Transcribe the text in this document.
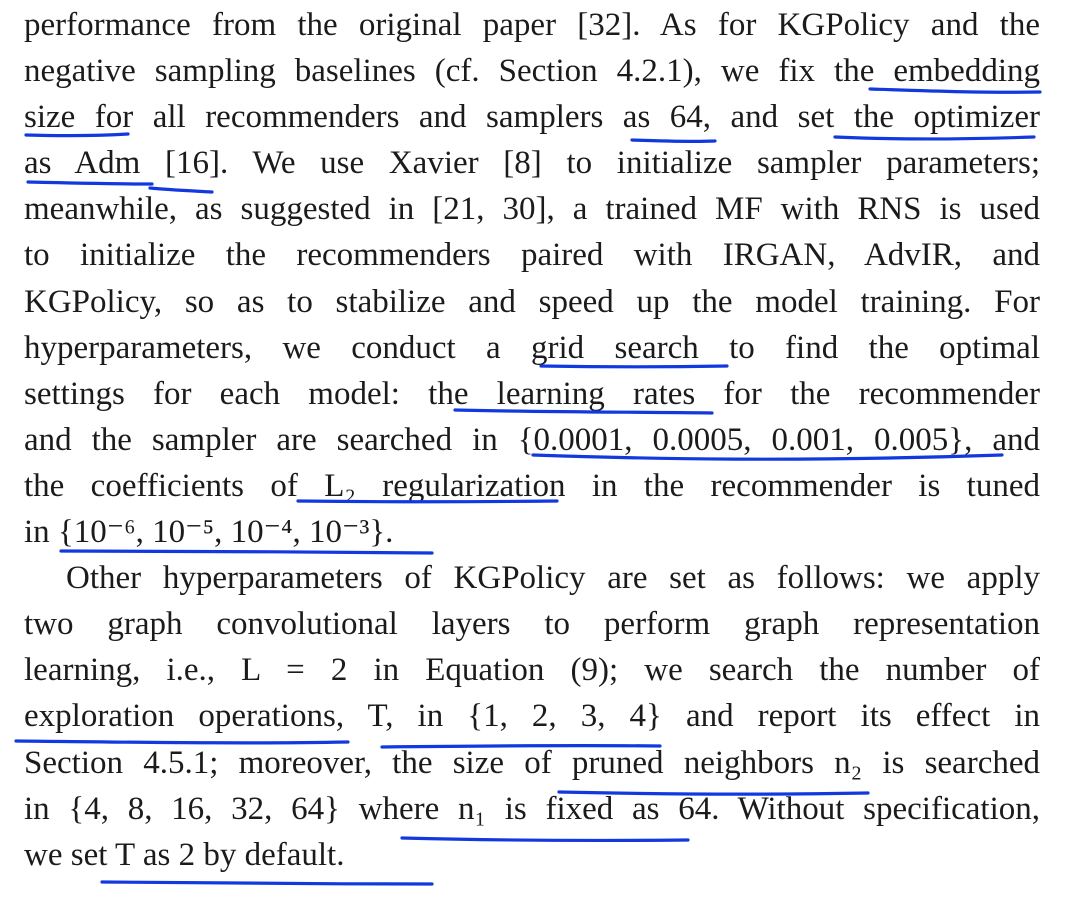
performance from the original paper [32]. As for KGPolicy and the
negative sampling baselines (cf. Section 4.2.1), we fix the embedding
size for all recommenders and samplers as 64, and set the optimizer
as Adm [16]. We use Xavier [8] to initialize sampler parameters;
meanwhile, as suggested in [21, 30], a trained MF with RNS is used
to initialize the recommenders paired with IRGAN, AdvIR, and
KGPolicy, so as to stabilize and speed up the model training. For
hyperparameters, we conduct a grid search to find the optimal
settings for each model: the learning rates for the recommender
and the sampler are searched in {0.0001, 0.0005, 0.001, 0.005}, and
the coefficients of L₂ regularization in the recommender is tuned
in {10⁻⁶, 10⁻⁵, 10⁻⁴, 10⁻³}.
Other hyperparameters of KGPolicy are set as follows: we apply
two graph convolutional layers to perform graph representation
learning, i.e., L = 2 in Equation (9); we search the number of
exploration operations, T, in {1, 2, 3, 4} and report its effect in
Section 4.5.1; moreover, the size of pruned neighbors n₂ is searched
in {4, 8, 16, 32, 64} where n₁ is fixed as 64. Without specification,
we set T as 2 by default.
